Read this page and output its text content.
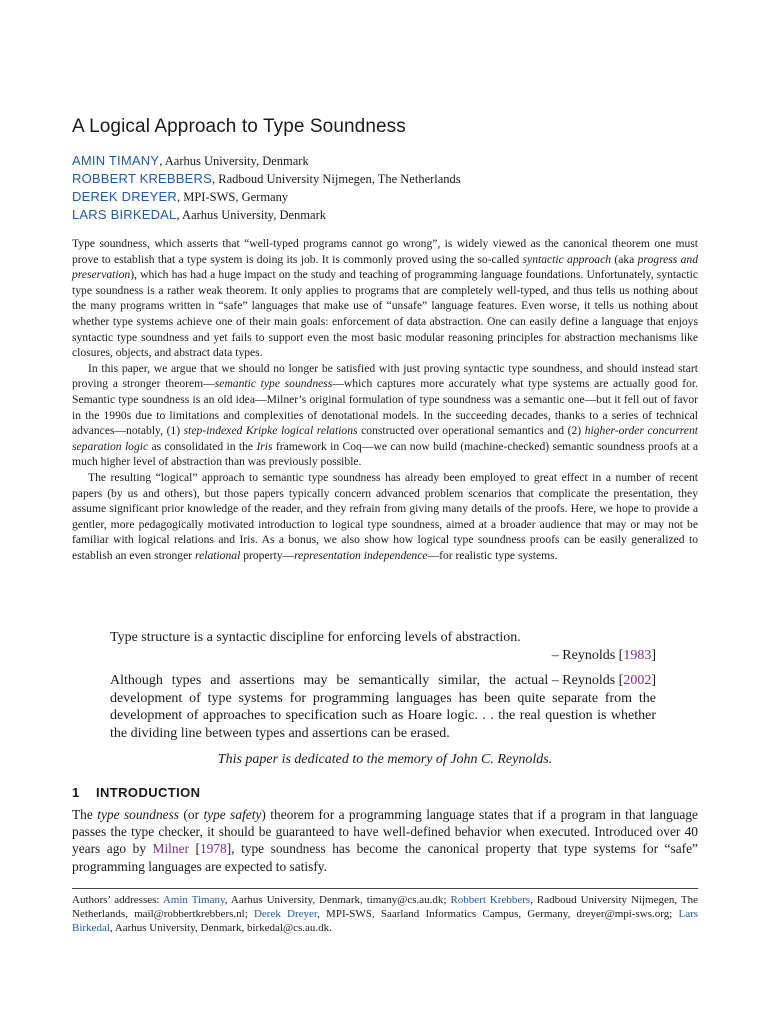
A Logical Approach to Type Soundness
AMIN TIMANY, Aarhus University, Denmark
ROBBERT KREBBERS, Radboud University Nijmegen, The Netherlands
DEREK DREYER, MPI-SWS, Germany
LARS BIRKEDAL, Aarhus University, Denmark

Type soundness, which asserts that “well-typed programs cannot go wrong”, is widely viewed as the canonical theorem one must prove to establish that a type system is doing its job. It is commonly proved using the so-called syntactic approach (aka progress and preservation), which has had a huge impact on the study and teaching of programming language foundations. Unfortunately, syntactic type soundness is a rather weak theorem. It only applies to programs that are completely well-typed, and thus tells us nothing about the many programs written in “safe” languages that make use of “unsafe” language features. Even worse, it tells us nothing about whether type systems achieve one of their main goals: enforcement of data abstraction. One can easily define a language that enjoys syntactic type soundness and yet fails to support even the most basic modular reasoning principles for abstraction mechanisms like closures, objects, and abstract data types.

In this paper, we argue that we should no longer be satisfied with just proving syntactic type soundness, and should instead start proving a stronger theorem—semantic type soundness—which captures more accurately what type systems are actually good for. Semantic type soundness is an old idea—Milner’s original formulation of type soundness was a semantic one—but it fell out of favor in the 1990s due to limitations and complexities of denotational models. In the succeeding decades, thanks to a series of technical advances—notably, (1) step-indexed Kripke logical relations constructed over operational semantics and (2) higher-order concurrent separation logic as consolidated in the Iris framework in Coq—we can now build (machine-checked) semantic soundness proofs at a much higher level of abstraction than was previously possible.

The resulting “logical” approach to semantic type soundness has already been employed to great effect in a number of recent papers (by us and others), but those papers typically concern advanced problem scenarios that complicate the presentation, they assume significant prior knowledge of the reader, and they refrain from giving many details of the proofs. Here, we hope to provide a gentler, more pedagogically motivated introduction to logical type soundness, aimed at a broader audience that may or may not be familiar with logical relations and Iris. As a bonus, we also show how logical type soundness proofs can be easily generalized to establish an even stronger relational property—representation independence—for realistic type systems.

Type structure is a syntactic discipline for enforcing levels of abstraction.
– Reynolds [1983]
– Reynolds [2002]
Although types and assertions may be semantically similar, the actual development of type systems for programming languages has been quite separate from the development of approaches to specification such as Hoare logic. . . the real question is whether the dividing line between types and assertions can be erased.
This paper is dedicated to the memory of John C. Reynolds.
1 INTRODUCTION

The type soundness (or type safety) theorem for a programming language states that if a program in that language passes the type checker, it should be guaranteed to have well-defined behavior when executed. Introduced over 40 years ago by Milner [1978], type soundness has become the canonical property that type systems for “safe” programming languages are expected to satisfy.

Authors’ addresses: Amin Timany, Aarhus University, Denmark, timany@cs.au.dk; Robbert Krebbers, Radboud University Nijmegen, The Netherlands, mail@robbertkrebbers.nl; Derek Dreyer, MPI-SWS, Saarland Informatics Campus, Germany, dreyer@mpi-sws.org; Lars Birkedal, Aarhus University, Denmark, birkedal@cs.au.dk.
